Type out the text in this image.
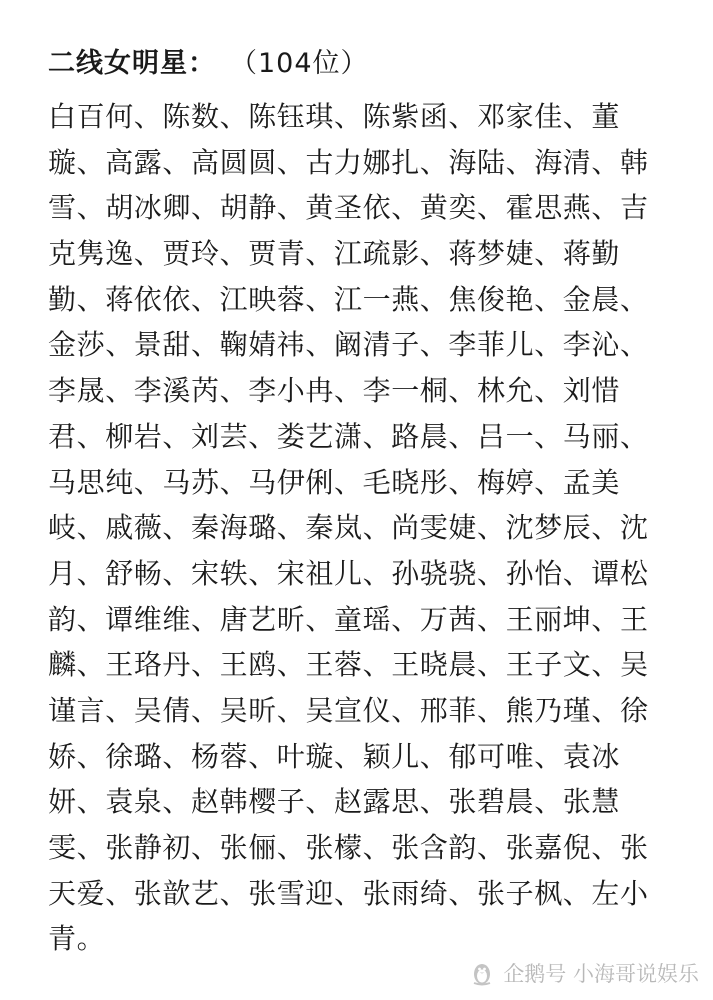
二线女明星： （104位）
白百何、陈数、陈钰琪、陈紫函、邓家佳、董
璇、高露、高圆圆、古力娜扎、海陆、海清、韩
雪、胡冰卿、胡静、黄圣依、黄奕、霍思燕、吉
克隽逸、贾玲、贾青、江疏影、蒋梦婕、蒋勤
勤、蒋依依、江映蓉、江一燕、焦俊艳、金晨、
金莎、景甜、鞠婧祎、阚清子、李菲儿、李沁、
李晟、李溪芮、李小冉、李一桐、林允、刘惜
君、柳岩、刘芸、娄艺潇、路晨、吕一、马丽、
马思纯、马苏、马伊俐、毛晓彤、梅婷、孟美
岐、戚薇、秦海璐、秦岚、尚雯婕、沈梦辰、沈
月、舒畅、宋轶、宋祖儿、孙骁骁、孙怡、谭松
韵、谭维维、唐艺昕、童瑶、万茜、王丽坤、王
麟、王珞丹、王鸥、王蓉、王晓晨、王子文、吴
谨言、吴倩、吴昕、吴宣仪、邢菲、熊乃瑾、徐
娇、徐璐、杨蓉、叶璇、颖儿、郁可唯、袁冰
妍、袁泉、赵韩樱子、赵露思、张碧晨、张慧
雯、张静初、张俪、张檬、张含韵、张嘉倪、张
天爱、张歆艺、张雪迎、张雨绮、张子枫、左小
青。
企鹅号 小海哥说娱乐
